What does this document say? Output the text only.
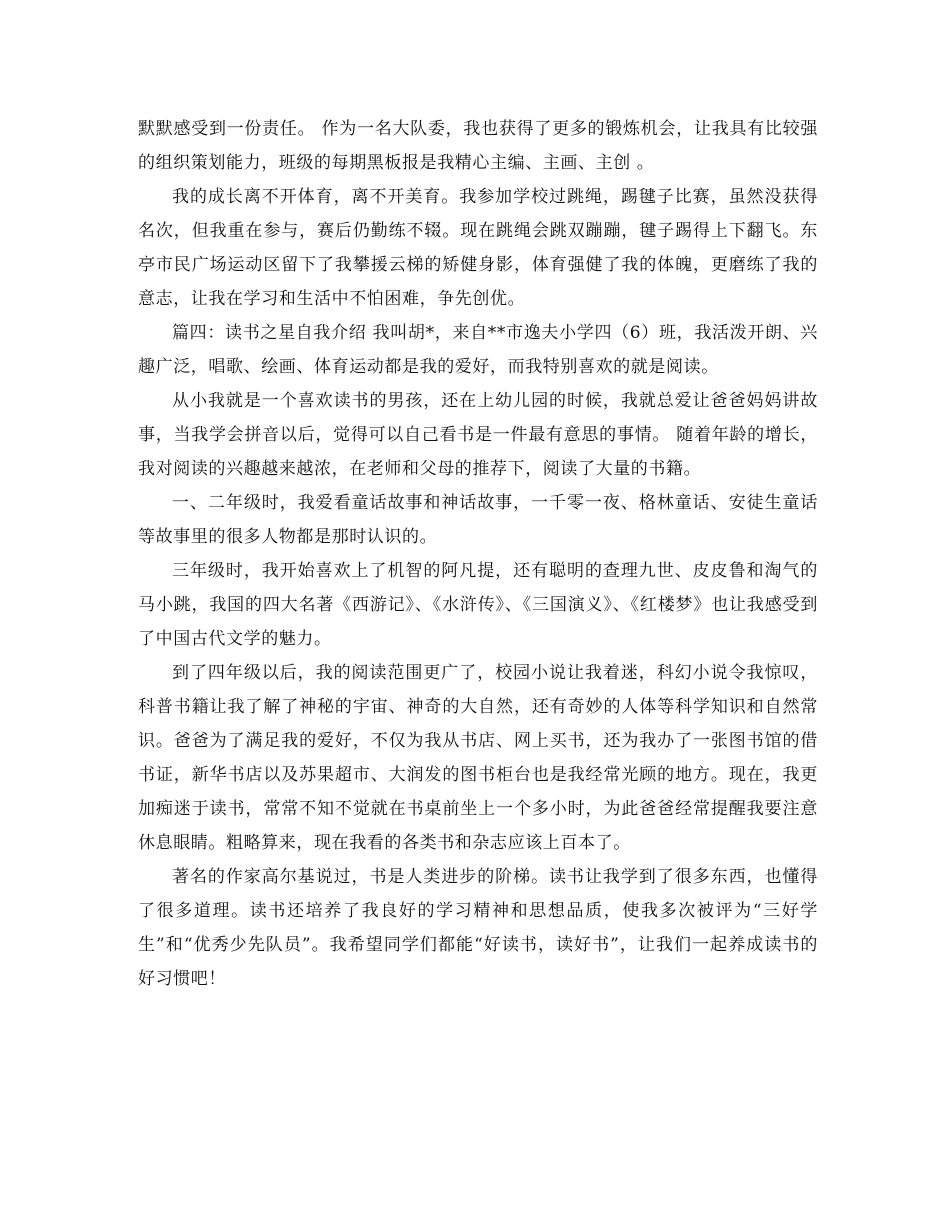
默默感受到一份责任。 作为一名大队委，我也获得了更多的锻炼机会，让我具有比较强的组织策划能力，班级的每期黑板报是我精心主编、主画、主创 。

我的成长离不开体育，离不开美育。我参加学校过跳绳，踢毽子比赛，虽然没获得名次，但我重在参与，赛后仍勤练不辍。现在跳绳会跳双蹦蹦，毽子踢得上下翻飞。东亭市民广场运动区留下了我攀援云梯的矫健身影，体育强健了我的体魄，更磨练了我的意志，让我在学习和生活中不怕困难，争先创优。

篇四：读书之星自我介绍 我叫胡*，来自**市逸夫小学四（6）班，我活泼开朗、兴趣广泛，唱歌、绘画、体育运动都是我的爱好，而我特别喜欢的就是阅读。

从小我就是一个喜欢读书的男孩，还在上幼儿园的时候，我就总爱让爸爸妈妈讲故事，当我学会拼音以后，觉得可以自己看书是一件最有意思的事情。 随着年龄的增长，我对阅读的兴趣越来越浓，在老师和父母的推荐下，阅读了大量的书籍。

一、二年级时，我爱看童话故事和神话故事，一千零一夜、格林童话、安徒生童话等故事里的很多人物都是那时认识的。

三年级时，我开始喜欢上了机智的阿凡提，还有聪明的查理九世、皮皮鲁和淘气的马小跳，我国的四大名著《西游记》、《水浒传》、《三国演义》、《红楼梦》也让我感受到了中国古代文学的魅力。

到了四年级以后，我的阅读范围更广了，校园小说让我着迷，科幻小说令我惊叹，科普书籍让我了解了神秘的宇宙、神奇的大自然，还有奇妙的人体等科学知识和自然常识。爸爸为了满足我的爱好，不仅为我从书店、网上买书，还为我办了一张图书馆的借书证，新华书店以及苏果超市、大润发的图书柜台也是我经常光顾的地方。现在，我更加痴迷于读书，常常不知不觉就在书桌前坐上一个多小时，为此爸爸经常提醒我要注意休息眼睛。粗略算来，现在我看的各类书和杂志应该上百本了。

著名的作家高尔基说过，书是人类进步的阶梯。读书让我学到了很多东西，也懂得了很多道理。读书还培养了我良好的学习精神和思想品质，使我多次被评为“三好学生”和“优秀少先队员”。我希望同学们都能“好读书，读好书”，让我们一起养成读书的好习惯吧！
